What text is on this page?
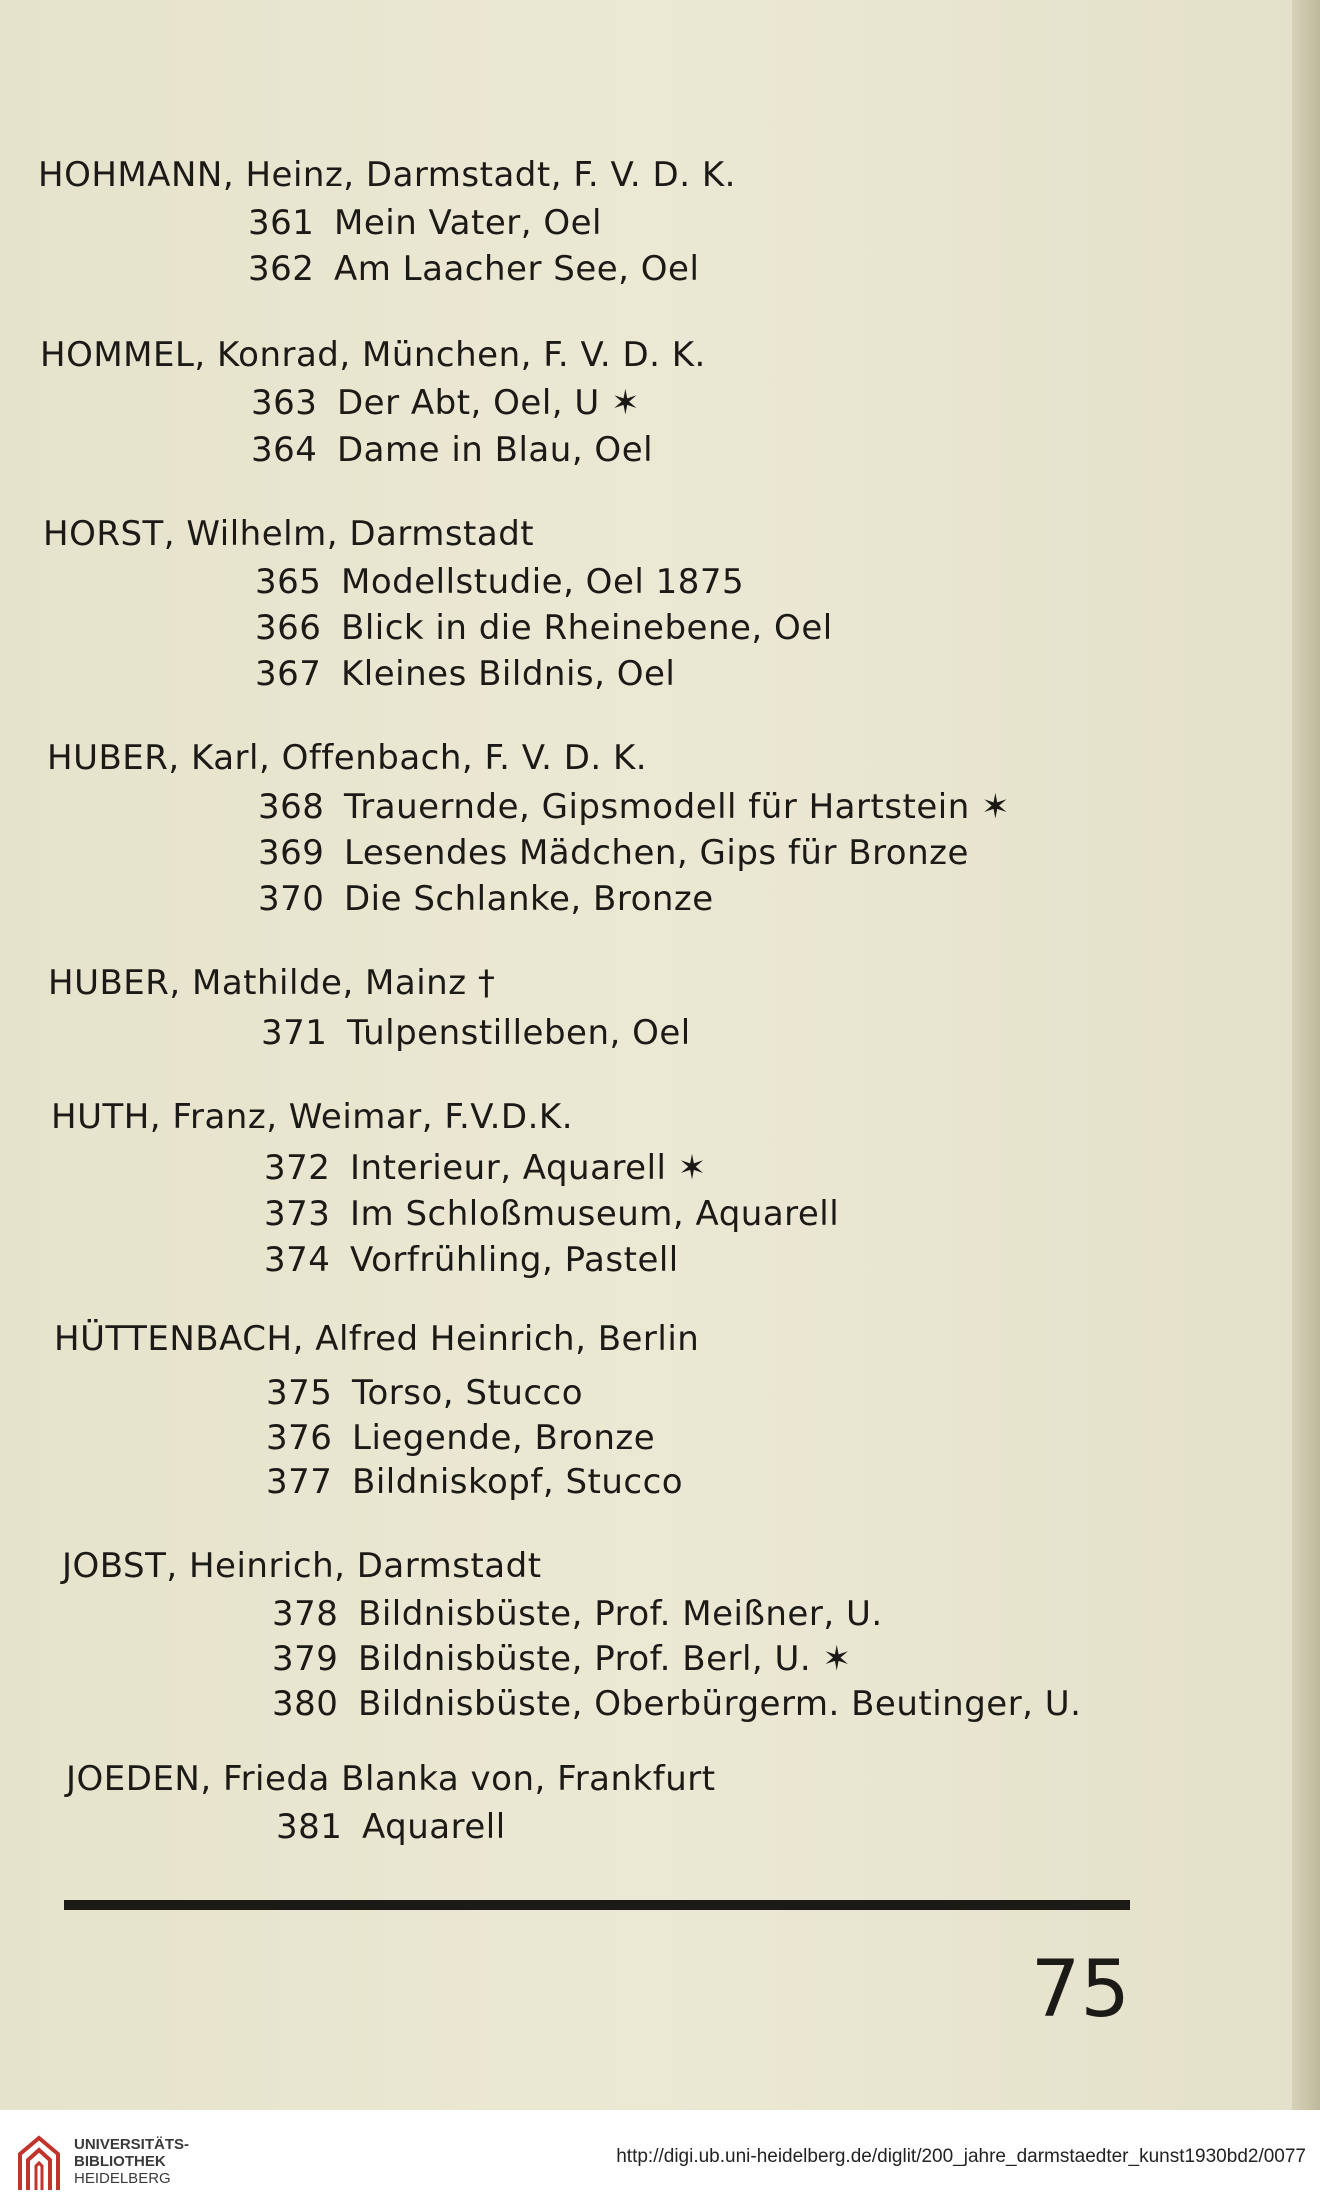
HOHMANN, Heinz, Darmstadt, F. V. D. K.
361 Mein Vater, Oel
362 Am Laacher See, Oel
HOMMEL, Konrad, München, F. V. D. K.
363 Der Abt, Oel, U ✶
364 Dame in Blau, Oel
HORST, Wilhelm, Darmstadt
365 Modellstudie, Oel 1875
366 Blick in die Rheinebene, Oel
367 Kleines Bildnis, Oel
HUBER, Karl, Offenbach, F. V. D. K.
368 Trauernde, Gipsmodell für Hartstein ✶
369 Lesendes Mädchen, Gips für Bronze
370 Die Schlanke, Bronze
HUBER, Mathilde, Mainz †
371 Tulpenstilleben, Oel
HUTH, Franz, Weimar, F.V.D.K.
372 Interieur, Aquarell ✶
373 Im Schloßmuseum, Aquarell
374 Vorfrühling, Pastell
HÜTTENBACH, Alfred Heinrich, Berlin
375 Torso, Stucco
376 Liegende, Bronze
377 Bildniskopf, Stucco
JOBST, Heinrich, Darmstadt
378 Bildnisbüste, Prof. Meißner, U.
379 Bildnisbüste, Prof. Berl, U. ✶
380 Bildnisbüste, Oberbürgerm. Beutinger, U.
JOEDEN, Frieda Blanka von, Frankfurt
381 Aquarell
75
UNIVERSITÄTS-
BIBLIOTHEK
HEIDELBERG
http://digi.ub.uni-heidelberg.de/diglit/200_jahre_darmstaedter_kunst1930bd2/0077
